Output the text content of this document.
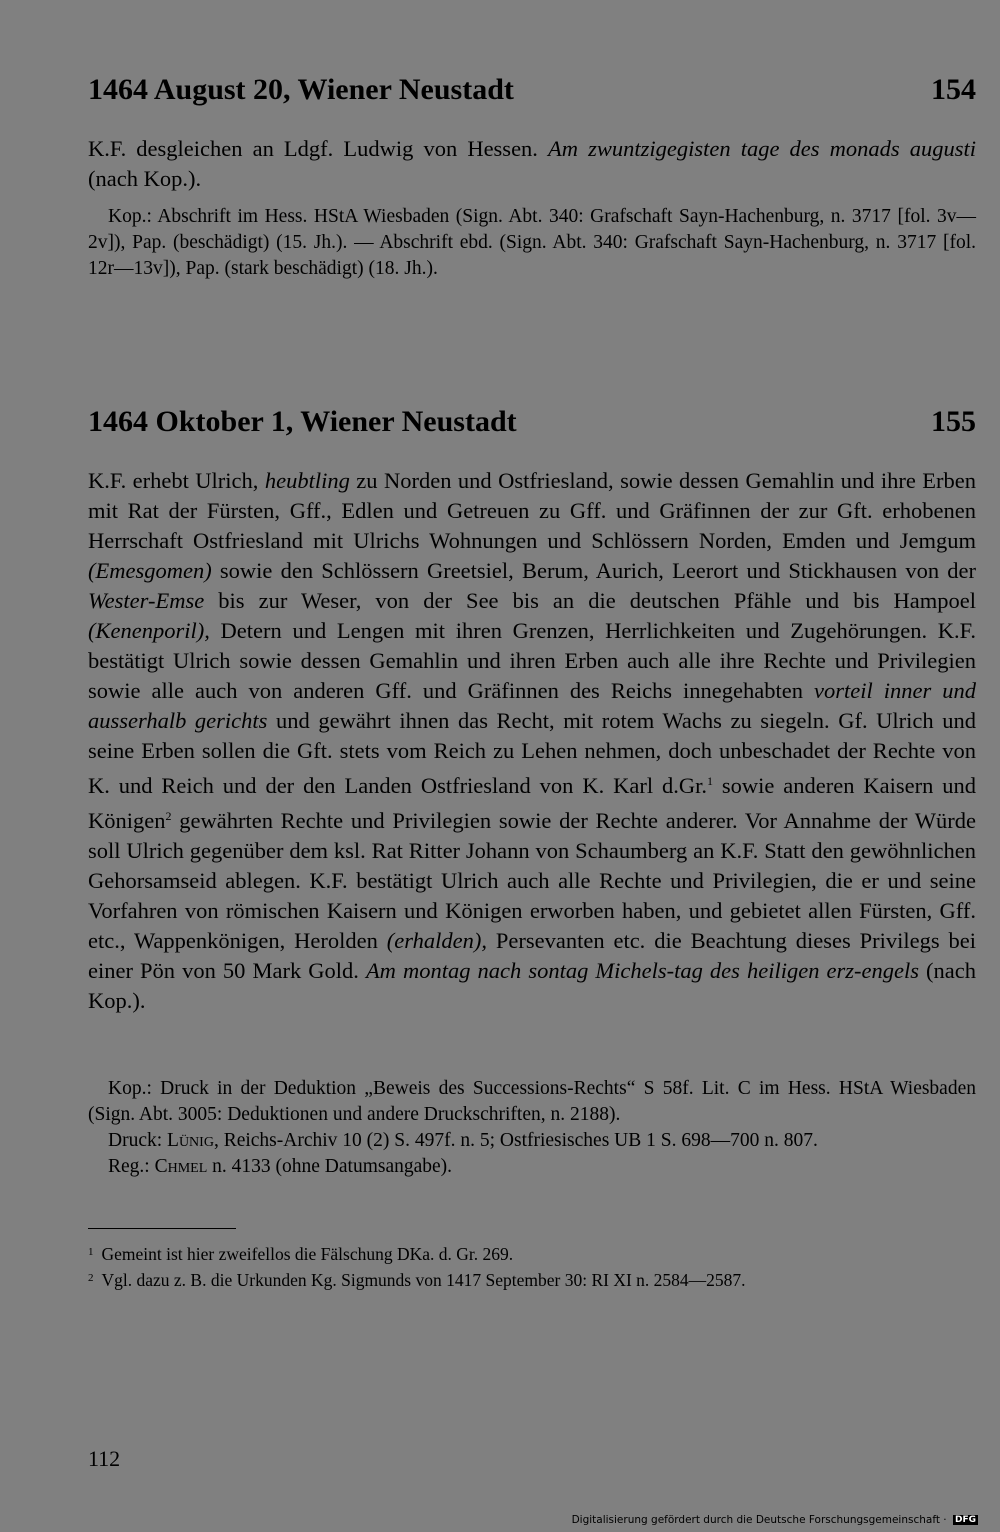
1464 August 20, Wiener Neustadt	154
K.F. desgleichen an Ldgf. Ludwig von Hessen. Am zwuntzigegisten tage des monads augusti (nach Kop.).

Kop.: Abschrift im Hess. HStA Wiesbaden (Sign. Abt. 340: Grafschaft Sayn-Hachenburg, n. 3717 [fol. 3v—2v]), Pap. (beschädigt) (15. Jh.). — Abschrift ebd. (Sign. Abt. 340: Grafschaft Sayn-Hachenburg, n. 3717 [fol. 12r—13v]), Pap. (stark beschädigt) (18. Jh.).

1464 Oktober 1, Wiener Neustadt	155
K.F. erhebt Ulrich, heubtling zu Norden und Ostfriesland, sowie dessen Gemahlin und ihre Erben mit Rat der Fürsten, Gff., Edlen und Getreuen zu Gff. und Gräfinnen der zur Gft. erhobenen Herrschaft Ostfriesland mit Ulrichs Wohnungen und Schlössern Norden, Emden und Jemgum (Emesgomen) sowie den Schlössern Greetsiel, Berum, Aurich, Leerort und Stickhausen von der Wester-Emse bis zur Weser, von der See bis an die deutschen Pfähle und bis Hampoel (Kenenporil), Detern und Lengen mit ihren Grenzen, Herrlichkeiten und Zugehörungen. K.F. bestätigt Ulrich sowie dessen Gemahlin und ihren Erben auch alle ihre Rechte und Privilegien sowie alle auch von anderen Gff. und Gräfinnen des Reichs innegehabten vorteil inner und ausserhalb gerichts und gewährt ihnen das Recht, mit rotem Wachs zu siegeln. Gf. Ulrich und seine Erben sollen die Gft. stets vom Reich zu Lehen nehmen, doch unbeschadet der Rechte von K. und Reich und der den Landen Ostfriesland von K. Karl d.Gr.$^1$ sowie anderen Kaisern und Königen$^2$ gewährten Rechte und Privilegien sowie der Rechte anderer. Vor Annahme der Würde soll Ulrich gegenüber dem ksl. Rat Ritter Johann von Schaumberg an K.F. Statt den gewöhnlichen Gehorsamseid ablegen. K.F. bestätigt Ulrich auch alle Rechte und Privilegien, die er und seine Vorfahren von römischen Kaisern und Königen erworben haben, und gebietet allen Fürsten, Gff. etc., Wappenkönigen, Herolden (erhalden), Persevanten etc. die Beachtung dieses Privilegs bei einer Pön von 50 Mark Gold. Am montag nach sontag Michels-tag des heiligen erz-engels (nach Kop.).

Kop.: Druck in der Deduktion „Beweis des Successions-Rechts“ S 58f. Lit. C im Hess. HStA Wiesbaden (Sign. Abt. 3005: Deduktionen und andere Druckschriften, n. 2188).

Druck: Lünig, Reichs-Archiv 10 (2) S. 497f. n. 5; Ostfriesisches UB 1 S. 698—700 n. 807.

Reg.: Chmel n. 4133 (ohne Datumsangabe).

$^1$ Gemeint ist hier zweifellos die Fälschung DKa. d. Gr. 269.
$^2$ Vgl. dazu z. B. die Urkunden Kg. Sigmunds von 1417 September 30: RI XI n. 2584—2587.
112
Digitalisierung gefördert durch die Deutsche Forschungsgemeinschaft · DFG
